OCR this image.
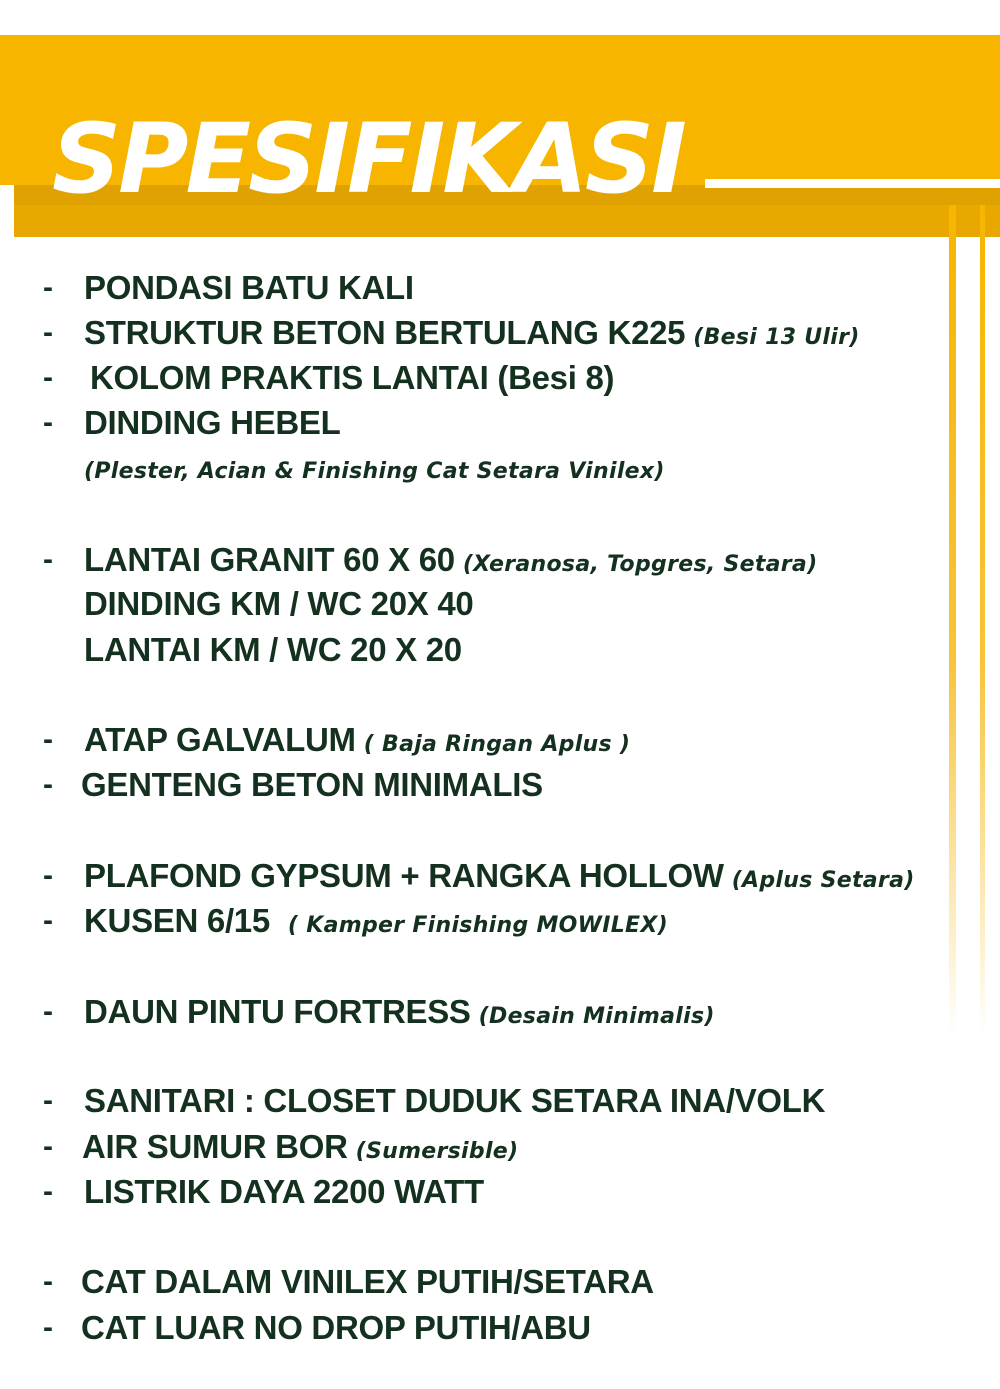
SPESIFIKASI
- PONDASI BATU KALI
- STRUKTUR BETON BERTULANG K225 (Besi 13 Ulir)
- KOLOM PRAKTIS LANTAI (Besi 8)
- DINDING HEBEL
(Plester, Acian & Finishing Cat Setara Vinilex)
- LANTAI GRANIT 60 X 60 (Xeranosa, Topgres, Setara)
DINDING KM / WC 20X 40
LANTAI KM / WC 20 X 20
- ATAP GALVALUM ( Baja Ringan Aplus )
- GENTENG BETON MINIMALIS
- PLAFOND GYPSUM + RANGKA HOLLOW (Aplus Setara)
- KUSEN 6/15 ( Kamper Finishing MOWILEX)
- DAUN PINTU FORTRESS (Desain Minimalis)
- SANITARI : CLOSET DUDUK SETARA INA/VOLK
- AIR SUMUR BOR (Sumersible)
- LISTRIK DAYA 2200 WATT
- CAT DALAM VINILEX PUTIH/SETARA
- CAT LUAR NO DROP PUTIH/ABU
